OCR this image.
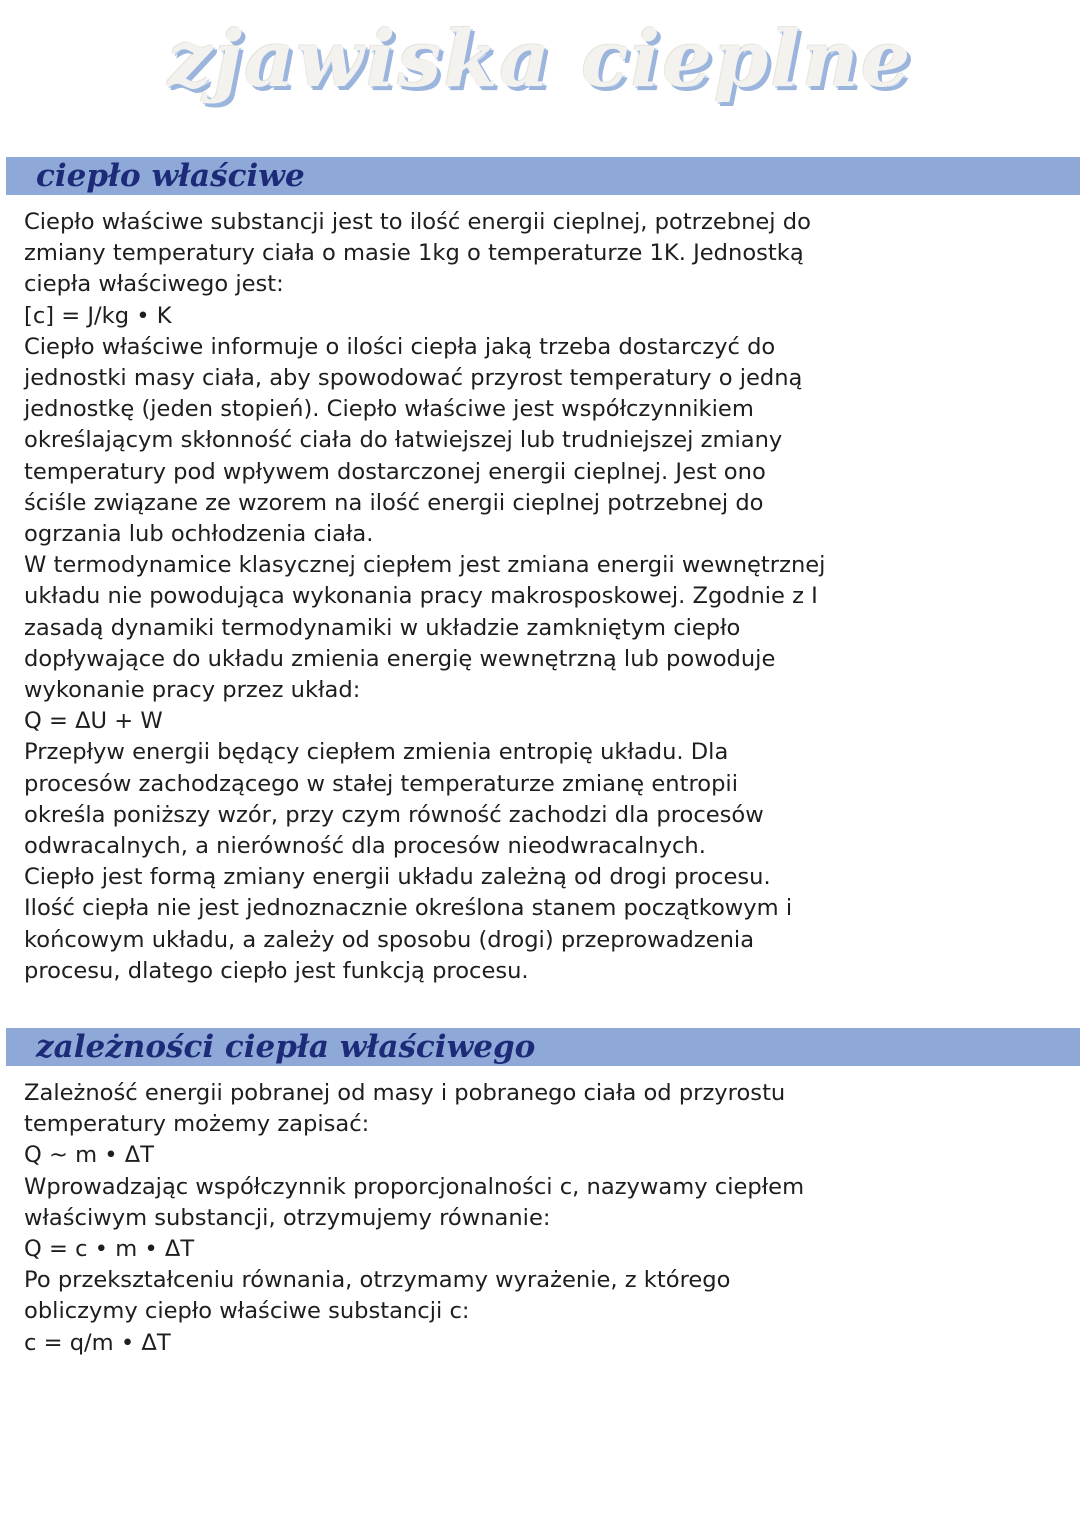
zjawiska cieplne
ciepło właściwe
Ciepło właściwe substancji jest to ilość energii cieplnej, potrzebnej do
zmiany temperatury ciała o masie 1kg o temperaturze 1K. Jednostką
ciepła właściwego jest:
[c] = J/kg • K
Ciepło właściwe informuje o ilości ciepła jaką trzeba dostarczyć do
jednostki masy ciała, aby spowodować przyrost temperatury o jedną
jednostkę (jeden stopień). Ciepło właściwe jest współczynnikiem
określającym skłonność ciała do łatwiejszej lub trudniejszej zmiany
temperatury pod wpływem dostarczonej energii cieplnej. Jest ono
ściśle związane ze wzorem na ilość energii cieplnej potrzebnej do
ogrzania lub ochłodzenia ciała.
W termodynamice klasycznej ciepłem jest zmiana energii wewnętrznej
układu nie powodująca wykonania pracy makrosposkowej. Zgodnie z I
zasadą dynamiki termodynamiki w układzie zamkniętym ciepło
dopływające do układu zmienia energię wewnętrzną lub powoduje
wykonanie pracy przez układ:
Q = ΔU + W
Przepływ energii będący ciepłem zmienia entropię układu. Dla
procesów zachodzącego w stałej temperaturze zmianę entropii
określa poniższy wzór, przy czym równość zachodzi dla procesów
odwracalnych, a nierówność dla procesów nieodwracalnych.
Ciepło jest formą zmiany energii układu zależną od drogi procesu.
Ilość ciepła nie jest jednoznacznie określona stanem początkowym i
końcowym układu, a zależy od sposobu (drogi) przeprowadzenia
procesu, dlatego ciepło jest funkcją procesu.
zależności ciepła właściwego
Zależność energii pobranej od masy i pobranego ciała od przyrostu
temperatury możemy zapisać:
Q ~ m • ΔT
Wprowadzając współczynnik proporcjonalności c, nazywamy ciepłem
właściwym substancji, otrzymujemy równanie:
Q = c • m • ΔT
Po przekształceniu równania, otrzymamy wyrażenie, z którego
obliczymy ciepło właściwe substancji c:
c = q/m • ΔT
